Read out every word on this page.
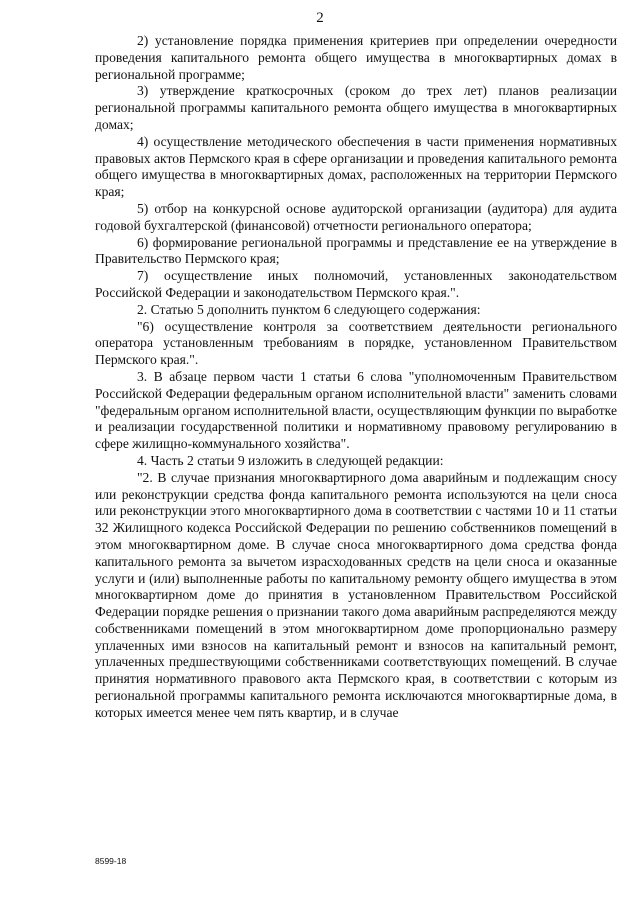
2

2) установление порядка применения критериев при определении очередности проведения капитального ремонта общего имущества в многоквартирных домах в региональной программе;

3) утверждение краткосрочных (сроком до трех лет) планов реализации региональной программы капитального ремонта общего имущества в многоквартирных домах;

4) осуществление методического обеспечения в части применения нормативных правовых актов Пермского края в сфере организации и проведения капитального ремонта общего имущества в многоквартирных домах, расположенных на территории Пермского края;

5) отбор на конкурсной основе аудиторской организации (аудитора) для аудита годовой бухгалтерской (финансовой) отчетности регионального оператора;

6) формирование региональной программы и представление ее на утверждение в Правительство Пермского края;

7) осуществление иных полномочий, установленных законодательством Российской Федерации и законодательством Пермского края.".

2. Статью 5 дополнить пунктом 6 следующего содержания:

"6) осуществление контроля за соответствием деятельности регионального оператора установленным требованиям в порядке, установленном Правительством Пермского края.".

3. В абзаце первом части 1 статьи 6 слова "уполномоченным Правительством Российской Федерации федеральным органом исполнительной власти" заменить словами "федеральным органом исполнительной власти, осуществляющим функции по выработке и реализации государственной политики и нормативному правовому регулированию в сфере жилищно-коммунального хозяйства".

4. Часть 2 статьи 9 изложить в следующей редакции:

"2. В случае признания многоквартирного дома аварийным и подлежащим сносу или реконструкции средства фонда капитального ремонта используются на цели сноса или реконструкции этого многоквартирного дома в соответствии с частями 10 и 11 статьи 32 Жилищного кодекса Российской Федерации по решению собственников помещений в этом многоквартирном доме. В случае сноса многоквартирного дома средства фонда капитального ремонта за вычетом израсходованных средств на цели сноса и оказанные услуги и (или) выполненные работы по капитальному ремонту общего имущества в этом многоквартирном доме до принятия в установленном Правительством Российской Федерации порядке решения о признании такого дома аварийным распределяются между собственниками помещений в этом многоквартирном доме пропорционально размеру уплаченных ими взносов на капитальный ремонт и взносов на капитальный ремонт, уплаченных предшествующими собственниками соответствующих помещений. В случае принятия нормативного правового акта Пермского края, в соответствии с которым из региональной программы капитального ремонта исключаются многоквартирные дома, в которых имеется менее чем пять квартир, и в случае

8599-18
